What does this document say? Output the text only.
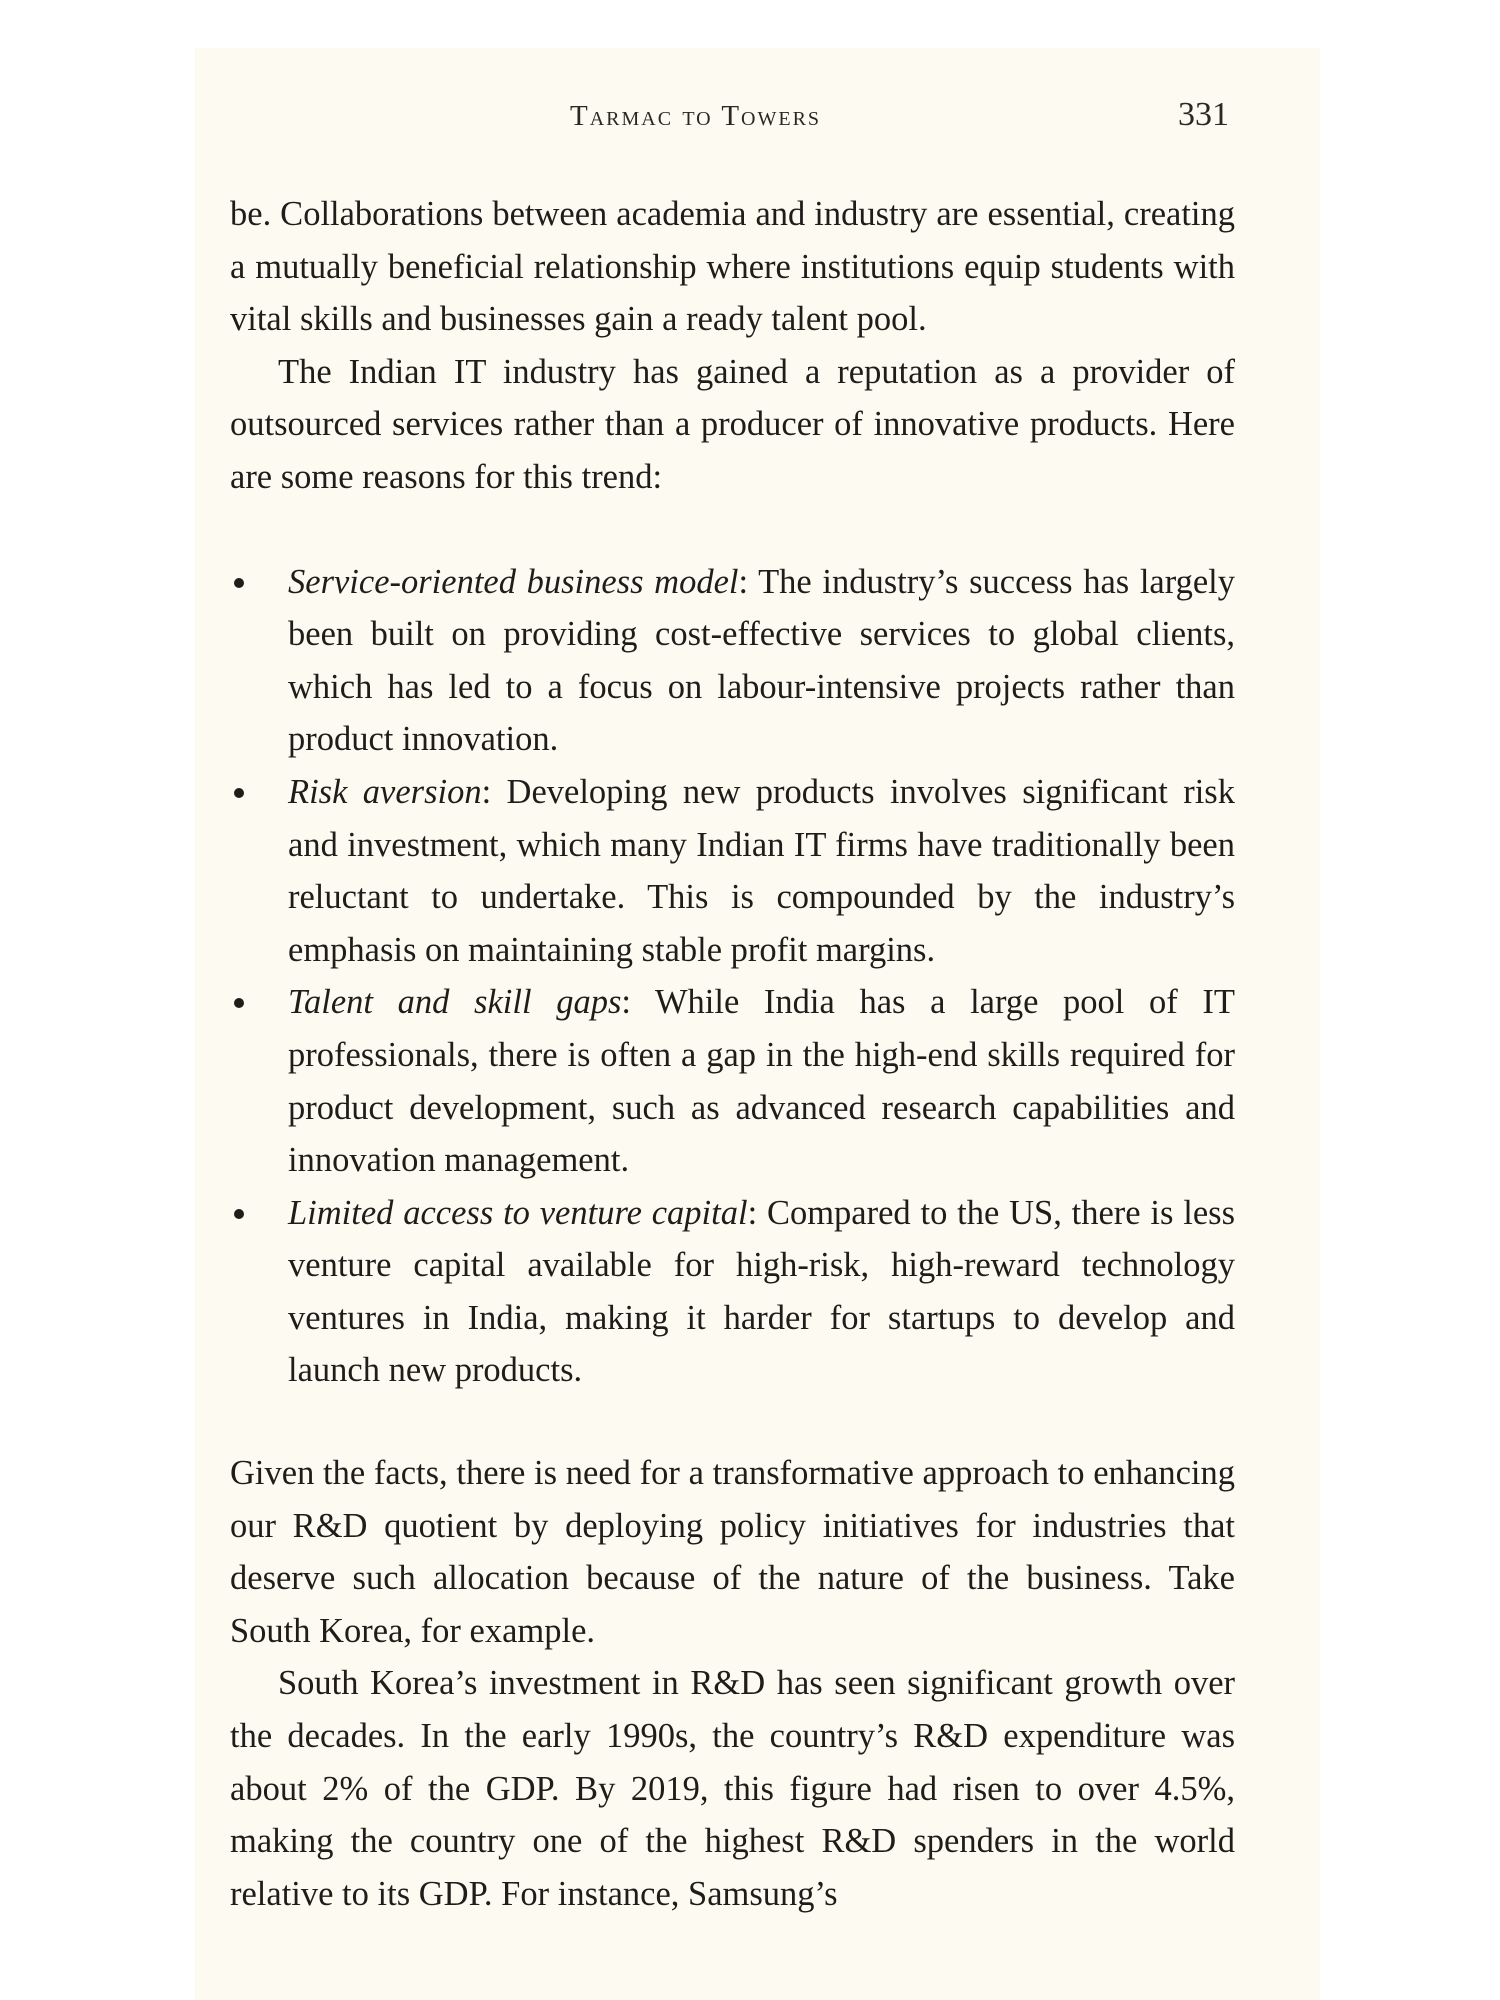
Tarmac to Towers	331

be. Collaborations between academia and industry are essential, creating a mutually beneficial relationship where institutions equip students with vital skills and businesses gain a ready talent pool.

The Indian IT industry has gained a reputation as a provider of outsourced services rather than a producer of innovative products. Here are some reasons for this trend:

Service-oriented business model: The industry’s success has largely been built on providing cost-effective services to global clients, which has led to a focus on labour-intensive projects rather than product innovation.
Risk aversion: Developing new products involves significant risk and investment, which many Indian IT firms have traditionally been reluctant to undertake. This is compounded by the industry’s emphasis on maintaining stable profit margins.
Talent and skill gaps: While India has a large pool of IT professionals, there is often a gap in the high-end skills required for product development, such as advanced research capabilities and innovation management.
Limited access to venture capital: Compared to the US, there is less venture capital available for high-risk, high-reward technology ventures in India, making it harder for startups to develop and launch new products.

Given the facts, there is need for a transformative approach to enhancing our R&D quotient by deploying policy initiatives for industries that deserve such allocation because of the nature of the business. Take South Korea, for example.

South Korea’s investment in R&D has seen significant growth over the decades. In the early 1990s, the country’s R&D expenditure was about 2% of the GDP. By 2019, this figure had risen to over 4.5%, making the country one of the highest R&D spenders in the world relative to its GDP. For instance, Samsung’s
